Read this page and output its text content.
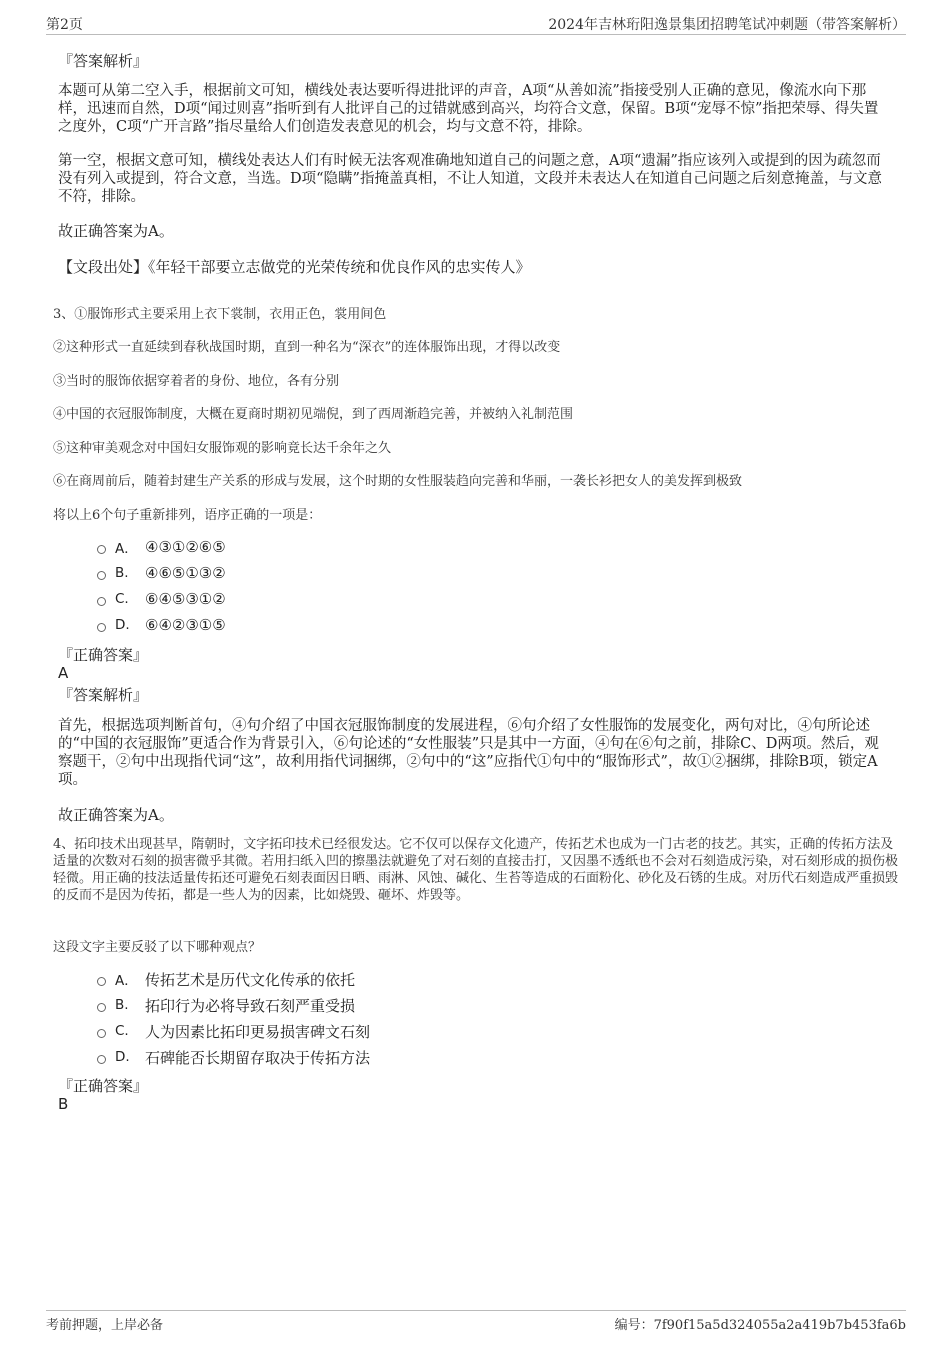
第2页	2024年吉林珩阳逸景集团招聘笔试冲刺题（带答案解析）
『答案解析』

本题可从第二空入手，根据前文可知，横线处表达要听得进批评的声音，A项“从善如流”指接受别人正确的意见，像流水向下那样，迅速而自然，D项“闻过则喜”指听到有人批评自己的过错就感到高兴，均符合文意，保留。B项“宠辱不惊”指把荣辱、得失置之度外，C项“广开言路”指尽量给人们创造发表意见的机会，均与文意不符，排除。

第一空，根据文意可知，横线处表达人们有时候无法客观准确地知道自己的问题之意，A项“遗漏”指应该列入或提到的因为疏忽而没有列入或提到，符合文意，当选。D项“隐瞒”指掩盖真相，不让人知道，文段并未表达人在知道自己问题之后刻意掩盖，与文意不符，排除。

故正确答案为A。
【文段出处】《年轻干部要立志做党的光荣传统和优良作风的忠实传人》
3、①服饰形式主要采用上衣下裳制，衣用正色，裳用间色
②这种形式一直延续到春秋战国时期，直到一种名为“深衣”的连体服饰出现，才得以改变
③当时的服饰依据穿着者的身份、地位，各有分别
④中国的衣冠服饰制度，大概在夏商时期初见端倪，到了西周渐趋完善，并被纳入礼制范围
⑤这种审美观念对中国妇女服饰观的影响竟长达千余年之久
⑥在商周前后，随着封建生产关系的形成与发展，这个时期的女性服装趋向完善和华丽，一袭长衫把女人的美发挥到极致
将以上6个句子重新排列，语序正确的一项是：
A． ④③①②⑥⑤
B.	④⑥⑤①③②
C.	⑥④⑤③①②
D.	⑥④②③①⑤
『正确答案』
A
『答案解析』

首先，根据选项判断首句，④句介绍了中国衣冠服饰制度的发展进程，⑥句介绍了女性服饰的发展变化，两句对比，④句所论述的“中国的衣冠服饰”更适合作为背景引入，⑥句论述的“女性服装”只是其中一方面，④句在⑥句之前，排除C、D两项。然后，观察题干，②句中出现指代词“这”，故利用指代词捆绑，②句中的“这”应指代①句中的“服饰形式”，故①②捆绑，排除B项，锁定A项。

故正确答案为A。

4、拓印技术出现甚早，隋朝时，文字拓印技术已经很发达。它不仅可以保存文化遗产，传拓艺术也成为一门古老的技艺。其实，正确的传拓方法及适量的次数对石刻的损害微乎其微。若用扫纸入凹的擦墨法就避免了对石刻的直接击打，又因墨不透纸也不会对石刻造成污染，对石刻形成的损伤极轻微。用正确的技法适量传拓还可避免石刻表面因日晒、雨淋、风蚀、碱化、生苔等造成的石面粉化、砂化及石锈的生成。对历代石刻造成严重损毁的反而不是因为传拓，都是一些人为的因素，比如烧毁、砸坏、炸毁等。

这段文字主要反驳了以下哪种观点？
A． 传拓艺术是历代文化传承的依托
B.	拓印行为必将导致石刻严重受损
C.	人为因素比拓印更易损害碑文石刻
D.	石碑能否长期留存取决于传拓方法
『正确答案』
B
考前押题，上岸必备	编号：7f90f15a5d324055a2a419b7b453fa6b
